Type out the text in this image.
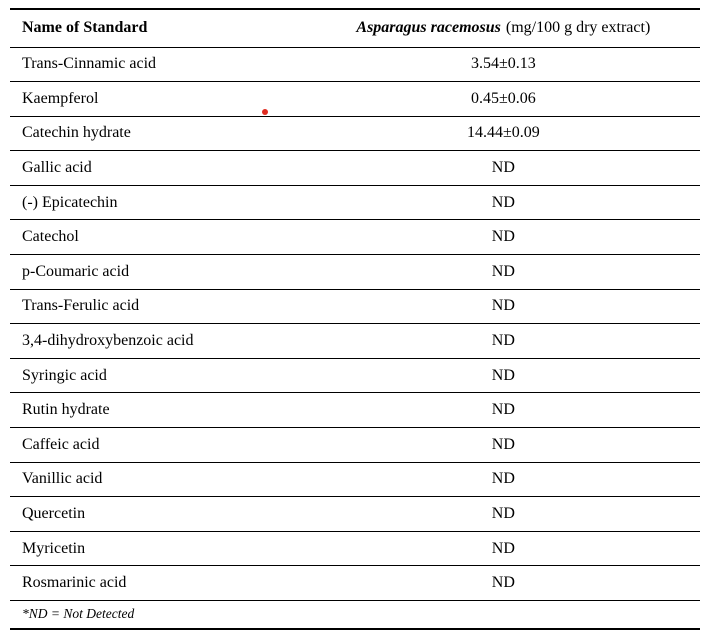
Name of Standard	Asparagus racemosus (mg/100 g dry extract)
Trans-Cinnamic acid	3.54±0.13
Kaempferol	0.45±0.06
Catechin hydrate	14.44±0.09
Gallic acid	ND
(-) Epicatechin	ND
Catechol	ND
p-Coumaric acid	ND
Trans-Ferulic acid	ND
3,4-dihydroxybenzoic acid	ND
Syringic acid	ND
Rutin hydrate	ND
Caffeic acid	ND
Vanillic acid	ND
Quercetin	ND
Myricetin	ND
Rosmarinic acid	ND
*ND = Not Detected	
